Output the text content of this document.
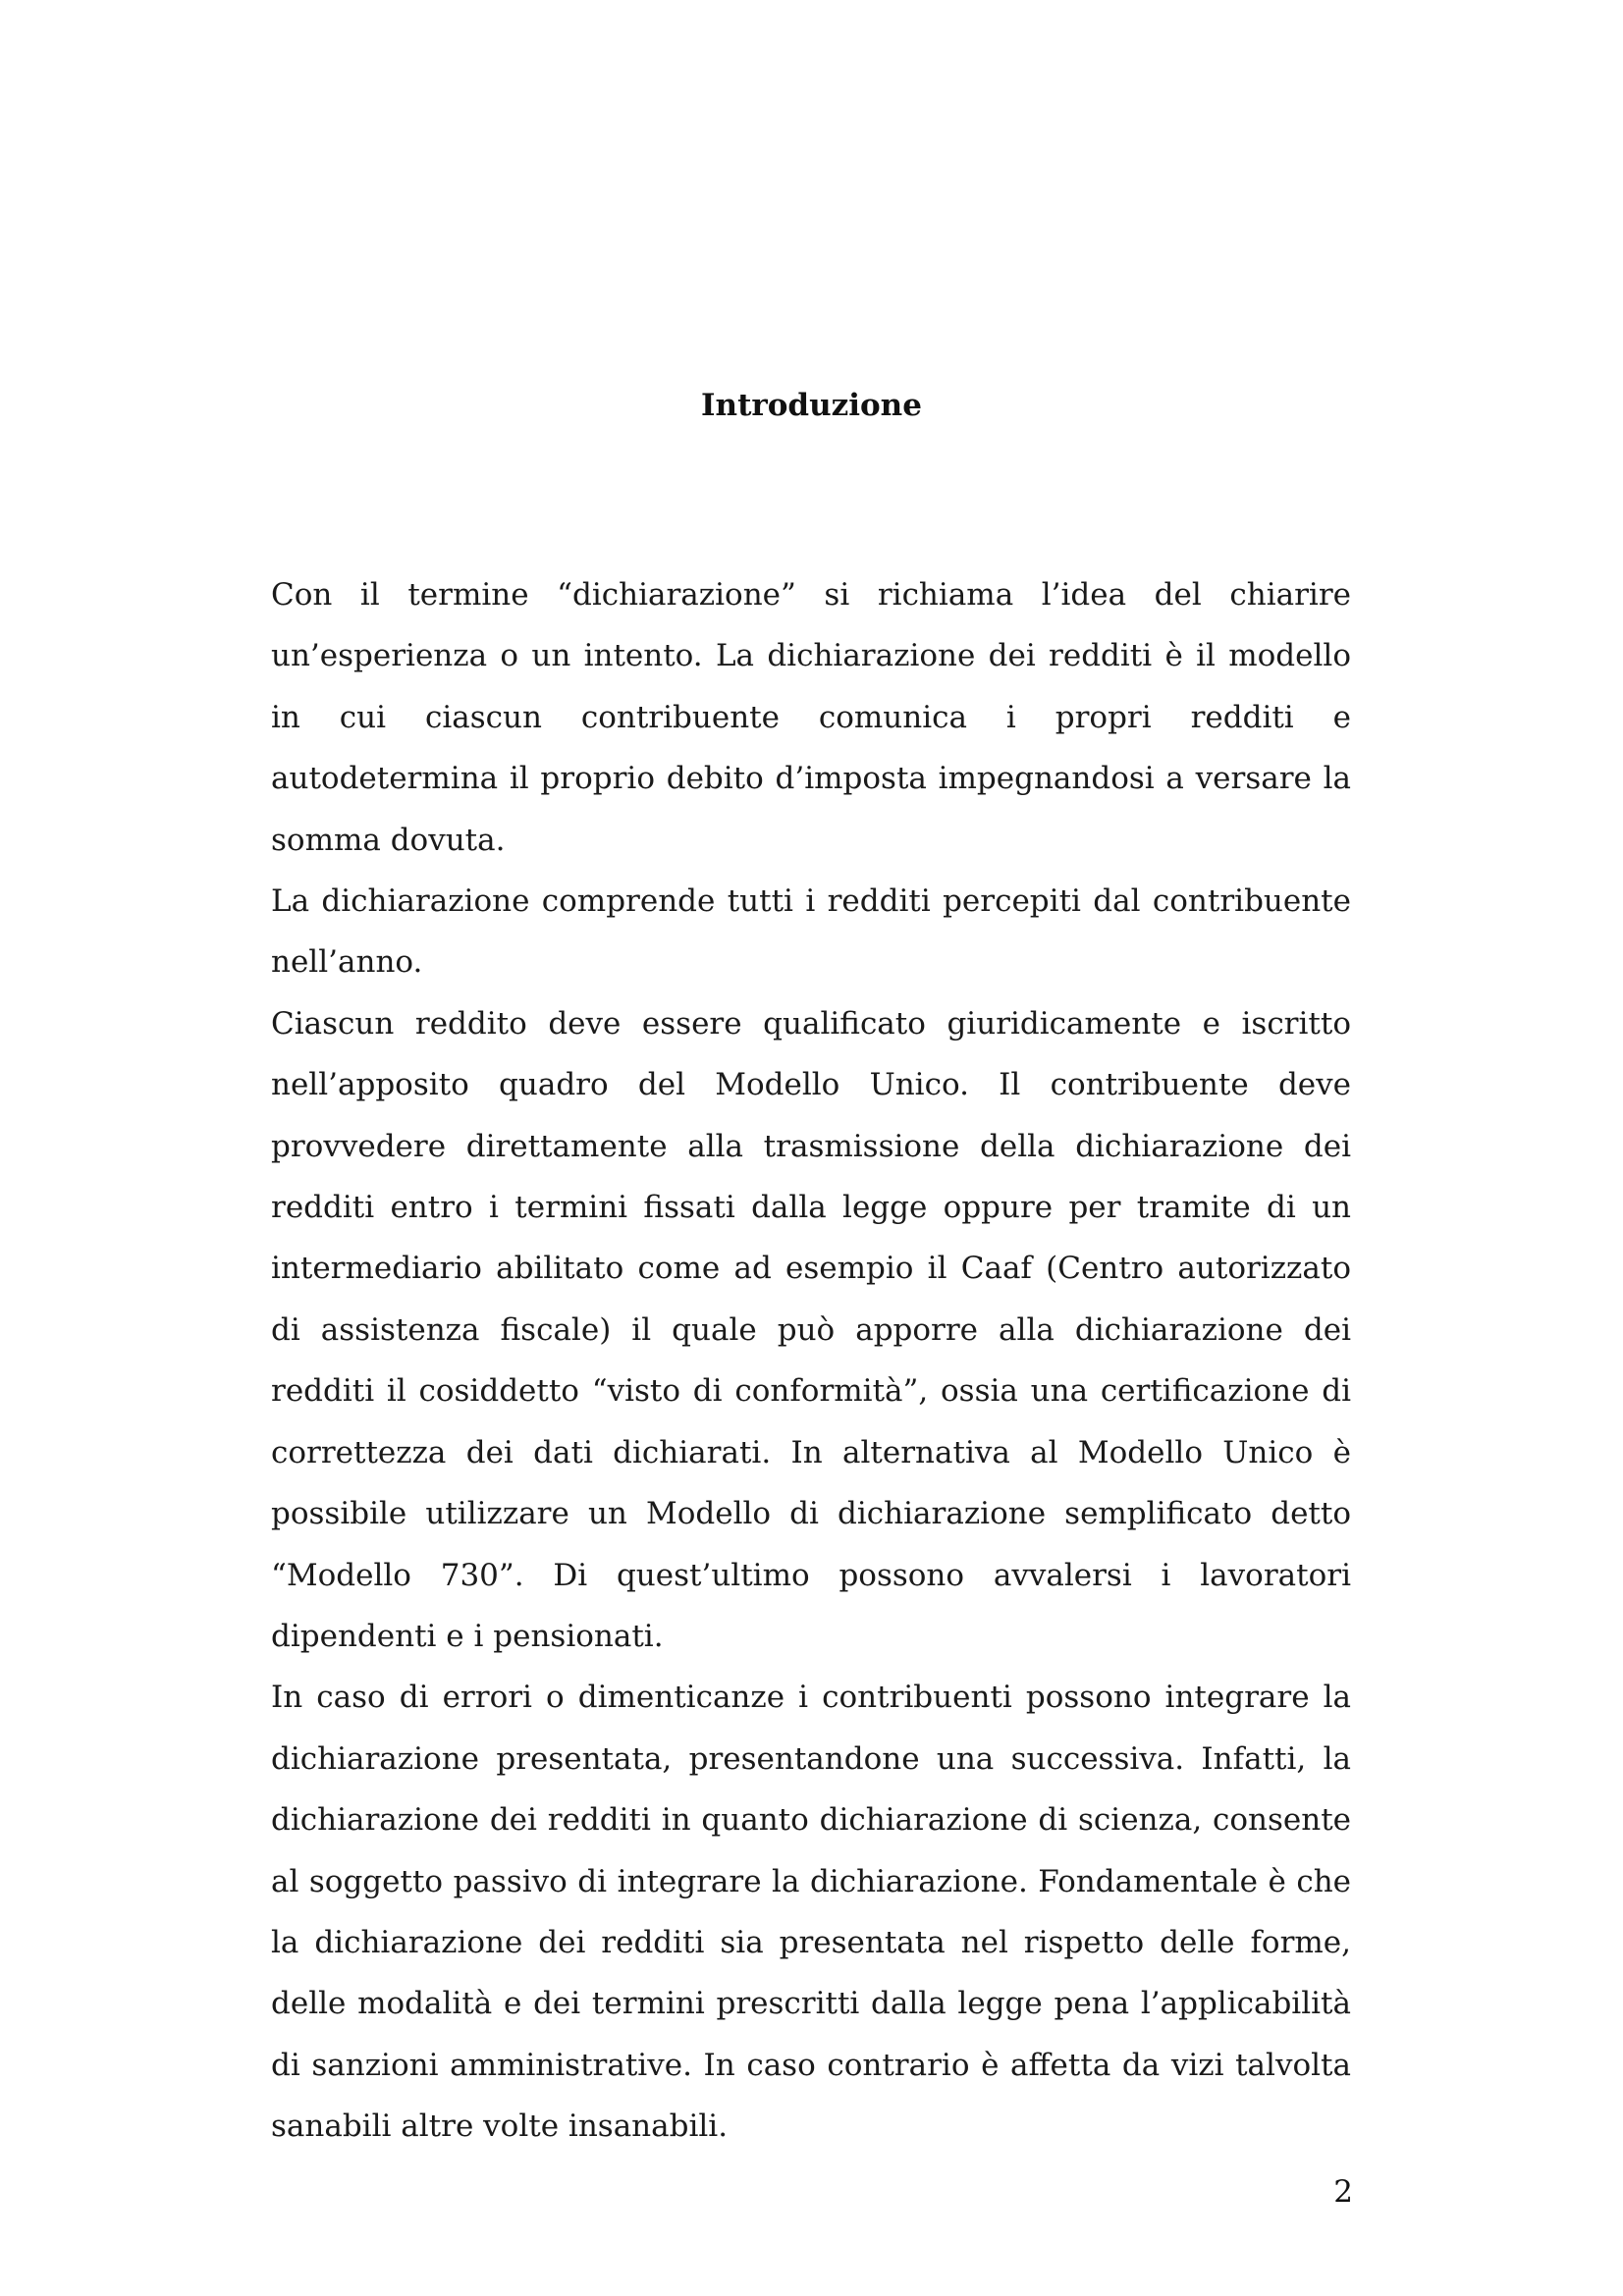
Introduzione

Con il termine “dichiarazione” si richiama l’idea del chiarire un’esperienza o un intento. La dichiarazione dei redditi è il modello in cui ciascun contribuente comunica i propri redditi e autodetermina il proprio debito d’imposta impegnandosi a versare la somma dovuta.

La dichiarazione comprende tutti i redditi percepiti dal contribuente nell’anno.

Ciascun reddito deve essere qualificato giuridicamente e iscritto nell’apposito quadro del Modello Unico. Il contribuente deve provvedere direttamente alla trasmissione della dichiarazione dei redditi entro i termini fissati dalla legge oppure per tramite di un intermediario abilitato come ad esempio il Caaf (Centro autorizzato di assistenza fiscale) il quale può apporre alla dichiarazione dei redditi il cosiddetto “visto di conformità”, ossia una certificazione di correttezza dei dati dichiarati. In alternativa al Modello Unico è possibile utilizzare un Modello di dichiarazione semplificato detto “Modello 730”. Di quest’ultimo possono avvalersi i lavoratori dipendenti e i pensionati.

In caso di errori o dimenticanze i contribuenti possono integrare la dichiarazione presentata, presentandone una successiva. Infatti, la dichiarazione dei redditi in quanto dichiarazione di scienza, consente al soggetto passivo di integrare la dichiarazione. Fondamentale è che la dichiarazione dei redditi sia presentata nel rispetto delle forme, delle modalità e dei termini prescritti dalla legge pena l’applicabilità di sanzioni amministrative. In caso contrario è affetta da vizi talvolta sanabili altre volte insanabili.

2
